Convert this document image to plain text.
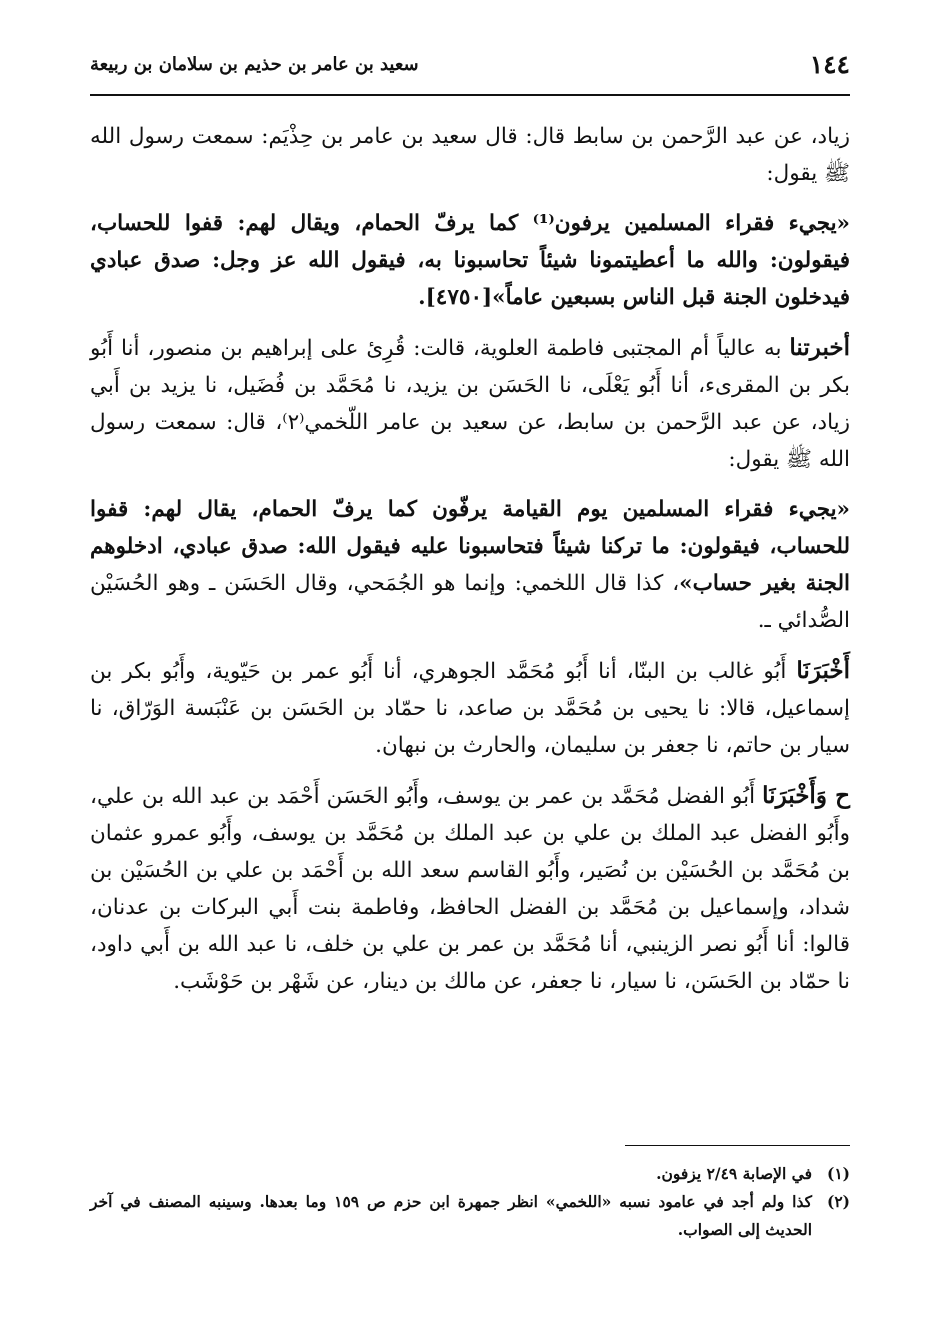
١٤٤
سعيد بن عامر بن حذيم بن سلامان بن ربيعة

زياد، عن عبد الرَّحمن بن سابط قال: قال سعيد بن عامر بن حِذْيَم: سمعت رسول الله ﷺ يقول:

«يجيء فقراء المسلمين يرفون⁽¹⁾ كما يرفّ الحمام، ويقال لهم: قفوا للحساب، فيقولون: والله ما أعطيتمونا شيئاً تحاسبونا به، فيقول الله عز وجل: صدق عبادي فيدخلون الجنة قبل الناس بسبعين عاماً»[٤٧٥٠].

أخبرتنا به عالياً أم المجتبى فاطمة العلوية، قالت: قُرِئ على إبراهيم بن منصور، أنا أَبُو بكر بن المقرىء، أنا أَبُو يَعْلَى، نا الحَسَن بن يزيد، نا مُحَمَّد بن فُضَيل، نا يزيد بن أَبي زياد، عن عبد الرَّحمن بن سابط، عن سعيد بن عامر اللّخمي⁽٢⁾، قال: سمعت رسول الله ﷺ يقول:

«يجيء فقراء المسلمين يوم القيامة يرفّون كما يرفّ الحمام، يقال لهم: قفوا للحساب، فيقولون: ما تركنا شيئاً فتحاسبونا عليه فيقول الله: صدق عبادي، ادخلوهم الجنة بغير حساب»، كذا قال اللخمي: وإنما هو الجُمَحي، وقال الحَسَن ـ وهو الحُسَيْن الصُّدائي ـ.

أَخْبَرَنَا أَبُو غالب بن البنّا، أنا أَبُو مُحَمَّد الجوهري، أنا أَبُو عمر بن حَيّوية، وأَبُو بكر بن إسماعيل، قالا: نا يحيى بن مُحَمَّد بن صاعد، نا حمّاد بن الحَسَن بن عَنْبَسة الوَرّاق، نا سيار بن حاتم، نا جعفر بن سليمان، والحارث بن نبهان.

ح وَأَخْبَرَنَا أَبُو الفضل مُحَمَّد بن عمر بن يوسف، وأَبُو الحَسَن أَحْمَد بن عبد الله بن علي، وأَبُو الفضل عبد الملك بن علي بن عبد الملك بن مُحَمَّد بن يوسف، وأَبُو عمرو عثمان بن مُحَمَّد بن الحُسَيْن بن نُصَير، وأَبُو القاسم سعد الله بن أَحْمَد بن علي بن الحُسَيْن بن شداد، وإسماعيل بن مُحَمَّد بن الفضل الحافظ، وفاطمة بنت أَبي البركات بن عدنان، قالوا: أنا أَبُو نصر الزينبي، أنا مُحَمَّد بن عمر بن علي بن خلف، نا عبد الله بن أَبي داود، نا حمّاد بن الحَسَن، نا سيار، نا جعفر، عن مالك بن دينار، عن شَهْر بن حَوْشَب.

(١)
في الإصابة ٢/٤٩ يزفون.
(٢)
كذا ولم أجد في عامود نسبه «اللخمي» انظر جمهرة ابن حزم ص ١٥٩ وما بعدها. وسينبه المصنف في آخر الحديث إلى الصواب.
